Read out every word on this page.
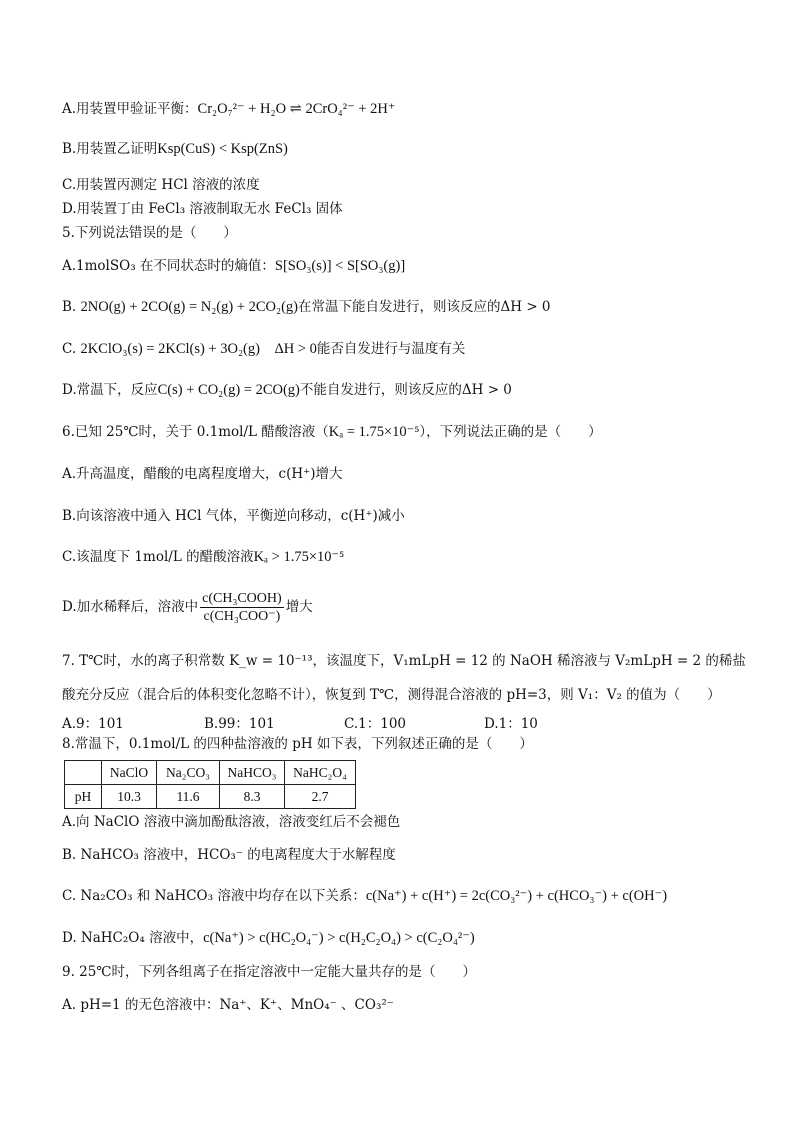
A.用装置甲验证平衡：Cr₂O₇²⁻ + H₂O ⇌ 2CrO₄²⁻ + 2H⁺
B.用装置乙证明Ksp(CuS) < Ksp(ZnS)
C.用装置丙测定 HCl 溶液的浓度
D.用装置丁由 FeCl₃ 溶液制取无水 FeCl₃ 固体
5.下列说法错误的是（　　）
A.1molSO₃ 在不同状态时的熵值：S[SO₃(s)] < S[SO₃(g)]
B. 2NO(g) + 2CO(g) = N₂(g) + 2CO₂(g)在常温下能自发进行，则该反应的ΔH > 0
C. 2KClO₃(s) = 2KCl(s) + 3O₂(g)　ΔH > 0能否自发进行与温度有关
D.常温下，反应C(s) + CO₂(g) = 2CO(g)不能自发进行，则该反应的ΔH > 0
6.已知 25℃时，关于 0.1mol/L 醋酸溶液（Kₐ = 1.75×10⁻⁵），下列说法正确的是（　　）
A.升高温度，醋酸的电离程度增大，c(H⁺)增大
B.向该溶液中通入 HCl 气体，平衡逆向移动，c(H⁺)减小
C.该温度下 1mol/L 的醋酸溶液Kₐ > 1.75×10⁻⁵
D.加水稀释后，溶液中 $\frac{\text{c(CH₃COOH)}}{\text{c(CH₃COO⁻)}}$ 增大
7. T℃时，水的离子积常数 K_w = 10⁻¹³，该温度下，V₁mLpH = 12 的 NaOH 稀溶液与 V₂mLpH = 2 的稀盐
酸充分反应（混合后的体积变化忽略不计），恢复到 T℃，测得混合溶液的 pH=3，则 V₁：V₂ 的值为（　　）
A.9：101	B.99：101	C.1：100	D.1：10
8.常温下，0.1mol/L 的四种盐溶液的 pH 如下表，下列叙述正确的是（　　）
	NaClO	Na₂CO₃	NaHCO₃	NaHC₂O₄
pH	10.3	11.6	8.3	2.7
A.向 NaClO 溶液中滴加酚酞溶液，溶液变红后不会褪色
B. NaHCO₃ 溶液中，HCO₃⁻ 的电离程度大于水解程度
C. Na₂CO₃ 和 NaHCO₃ 溶液中均存在以下关系：c(Na⁺) + c(H⁺) = 2c(CO₃²⁻) + c(HCO₃⁻) + c(OH⁻)
D. NaHC₂O₄ 溶液中，c(Na⁺) > c(HC₂O₄⁻) > c(H₂C₂O₄) > c(C₂O₄²⁻)
9. 25℃时，下列各组离子在指定溶液中一定能大量共存的是（　　）
A. pH=1 的无色溶液中：Na⁺、K⁺、MnO₄⁻ 、CO₃²⁻
